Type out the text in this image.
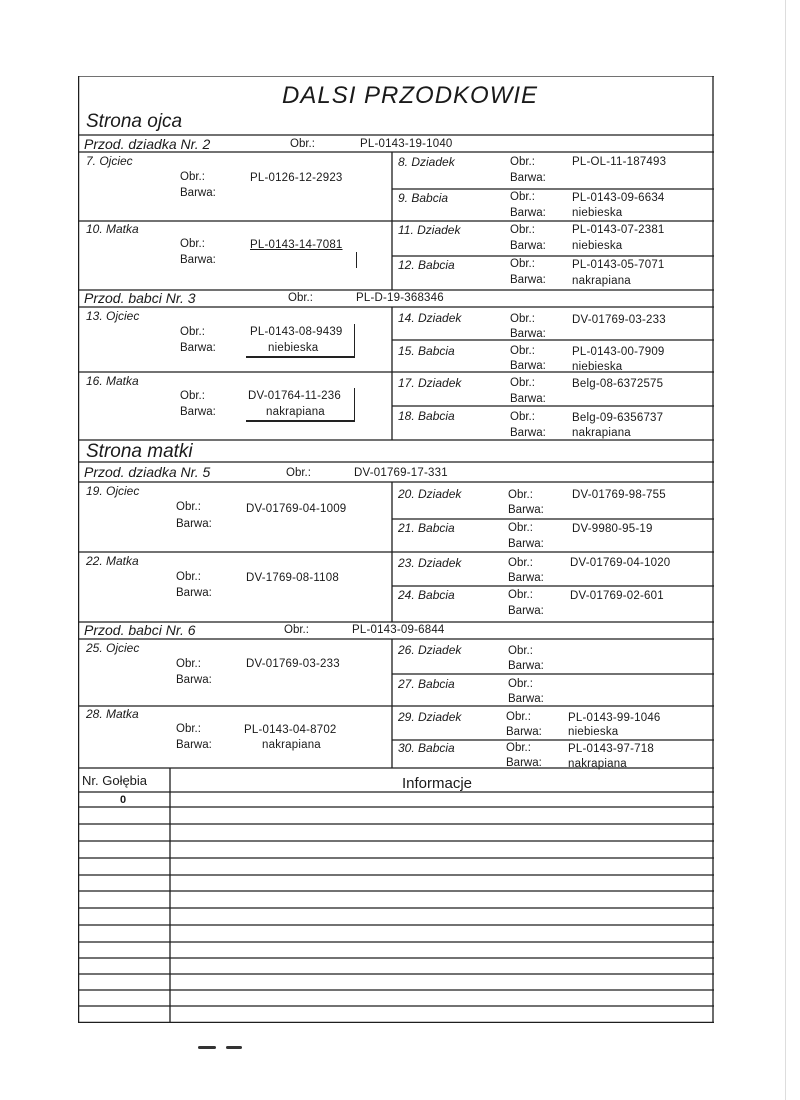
DALSI PRZODKOWIE
Strona ojca
Przod. dziadka Nr. 2	Obr.:	PL-0143-19-1040
7. Ojciec
Obr.:	PL-0126-12-2923
Barwa:
8. Dziadek	Obr.:	PL-OL-11-187493
Barwa:
9. Babcia	Obr.:	PL-0143-09-6634
Barwa: niebieska
10. Matka
Obr.:	PL-0143-14-7081
Barwa:
11. Dziadek	Obr.:	PL-0143-07-2381
Barwa: niebieska
12. Babcia	Obr.:	PL-0143-05-7071
Barwa: nakrapiana
Przod. babci Nr. 3	Obr.:	PL-D-19-368346
13. Ojciec
Obr.:	PL-0143-08-9439
Barwa:	niebieska
14. Dziadek	Obr.:	DV-01769-03-233
Barwa:
15. Babcia	Obr.:	PL-0143-00-7909
Barwa: niebieska
16. Matka
Obr.:	DV-01764-11-236
Barwa:	nakrapiana
17. Dziadek	Obr.:	Belg-08-6372575
Barwa:
18. Babcia	Obr.:	Belg-09-6356737
Barwa: nakrapiana
Strona matki
Przod. dziadka Nr. 5	Obr.:	DV-01769-17-331
19. Ojciec
Obr.:	DV-01769-04-1009
Barwa:
20. Dziadek	Obr.:	DV-01769-98-755
Barwa:
21. Babcia	Obr.:	DV-9980-95-19
Barwa:
22. Matka
Obr.:	DV-1769-08-1108
Barwa:
23. Dziadek	Obr.:	DV-01769-04-1020
Barwa:
24. Babcia	Obr.:	DV-01769-02-601
Barwa:
Przod. babci Nr. 6	Obr.:	PL-0143-09-6844
25. Ojciec
Obr.:	DV-01769-03-233
Barwa:
26. Dziadek	Obr.:
Barwa:
27. Babcia	Obr.:
Barwa:
28. Matka
Obr.:	PL-0143-04-8702
Barwa:	nakrapiana
29. Dziadek	Obr.:	PL-0143-99-1046
Barwa: niebieska
30. Babcia	Obr.:	PL-0143-97-718
Barwa: nakrapiana
Nr. Gołębia	Informacje
0
